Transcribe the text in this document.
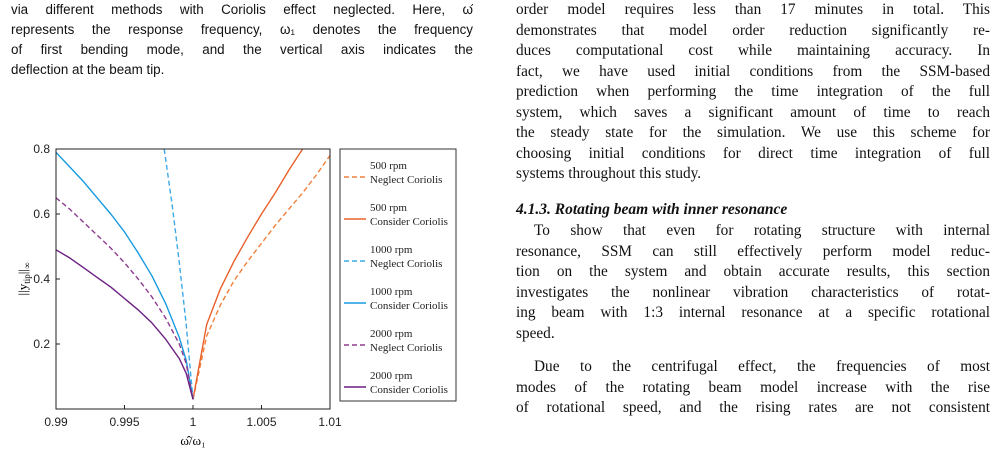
via different methods with Coriolis effect neglected. Here, ω̂
represents the response frequency, ω₁ denotes the frequency
of first bending mode, and the vertical axis indicates the
deflection at the beam tip.
0.99	0.995	1	1.005	1.01
0.2
0.4
0.6
0.8
$||y_{tip}||_\infty$
ω̂/ω₁
500 rpm
Neglect Coriolis
500 rpm
Consider Coriolis
1000 rpm
Neglect Coriolis
1000 rpm
Consider Coriolis
2000 rpm
Neglect Coriolis
2000 rpm
Consider Coriolis
order model requires less than 17 minutes in total. This
demonstrates that model order reduction significantly re-
duces computational cost while maintaining accuracy. In
fact, we have used initial conditions from the SSM-based
prediction when performing the time integration of the full
system, which saves a significant amount of time to reach
the steady state for the simulation. We use this scheme for
choosing initial conditions for direct time integration of full
systems throughout this study.
4.1.3. Rotating beam with inner resonance
To show that even for rotating structure with internal
resonance, SSM can still effectively perform model reduc-
tion on the system and obtain accurate results, this section
investigates the nonlinear vibration characteristics of rotat-
ing beam with 1:3 internal resonance at a specific rotational
speed.
Due to the centrifugal effect, the frequencies of most
modes of the rotating beam model increase with the rise
of rotational speed, and the rising rates are not consistent
